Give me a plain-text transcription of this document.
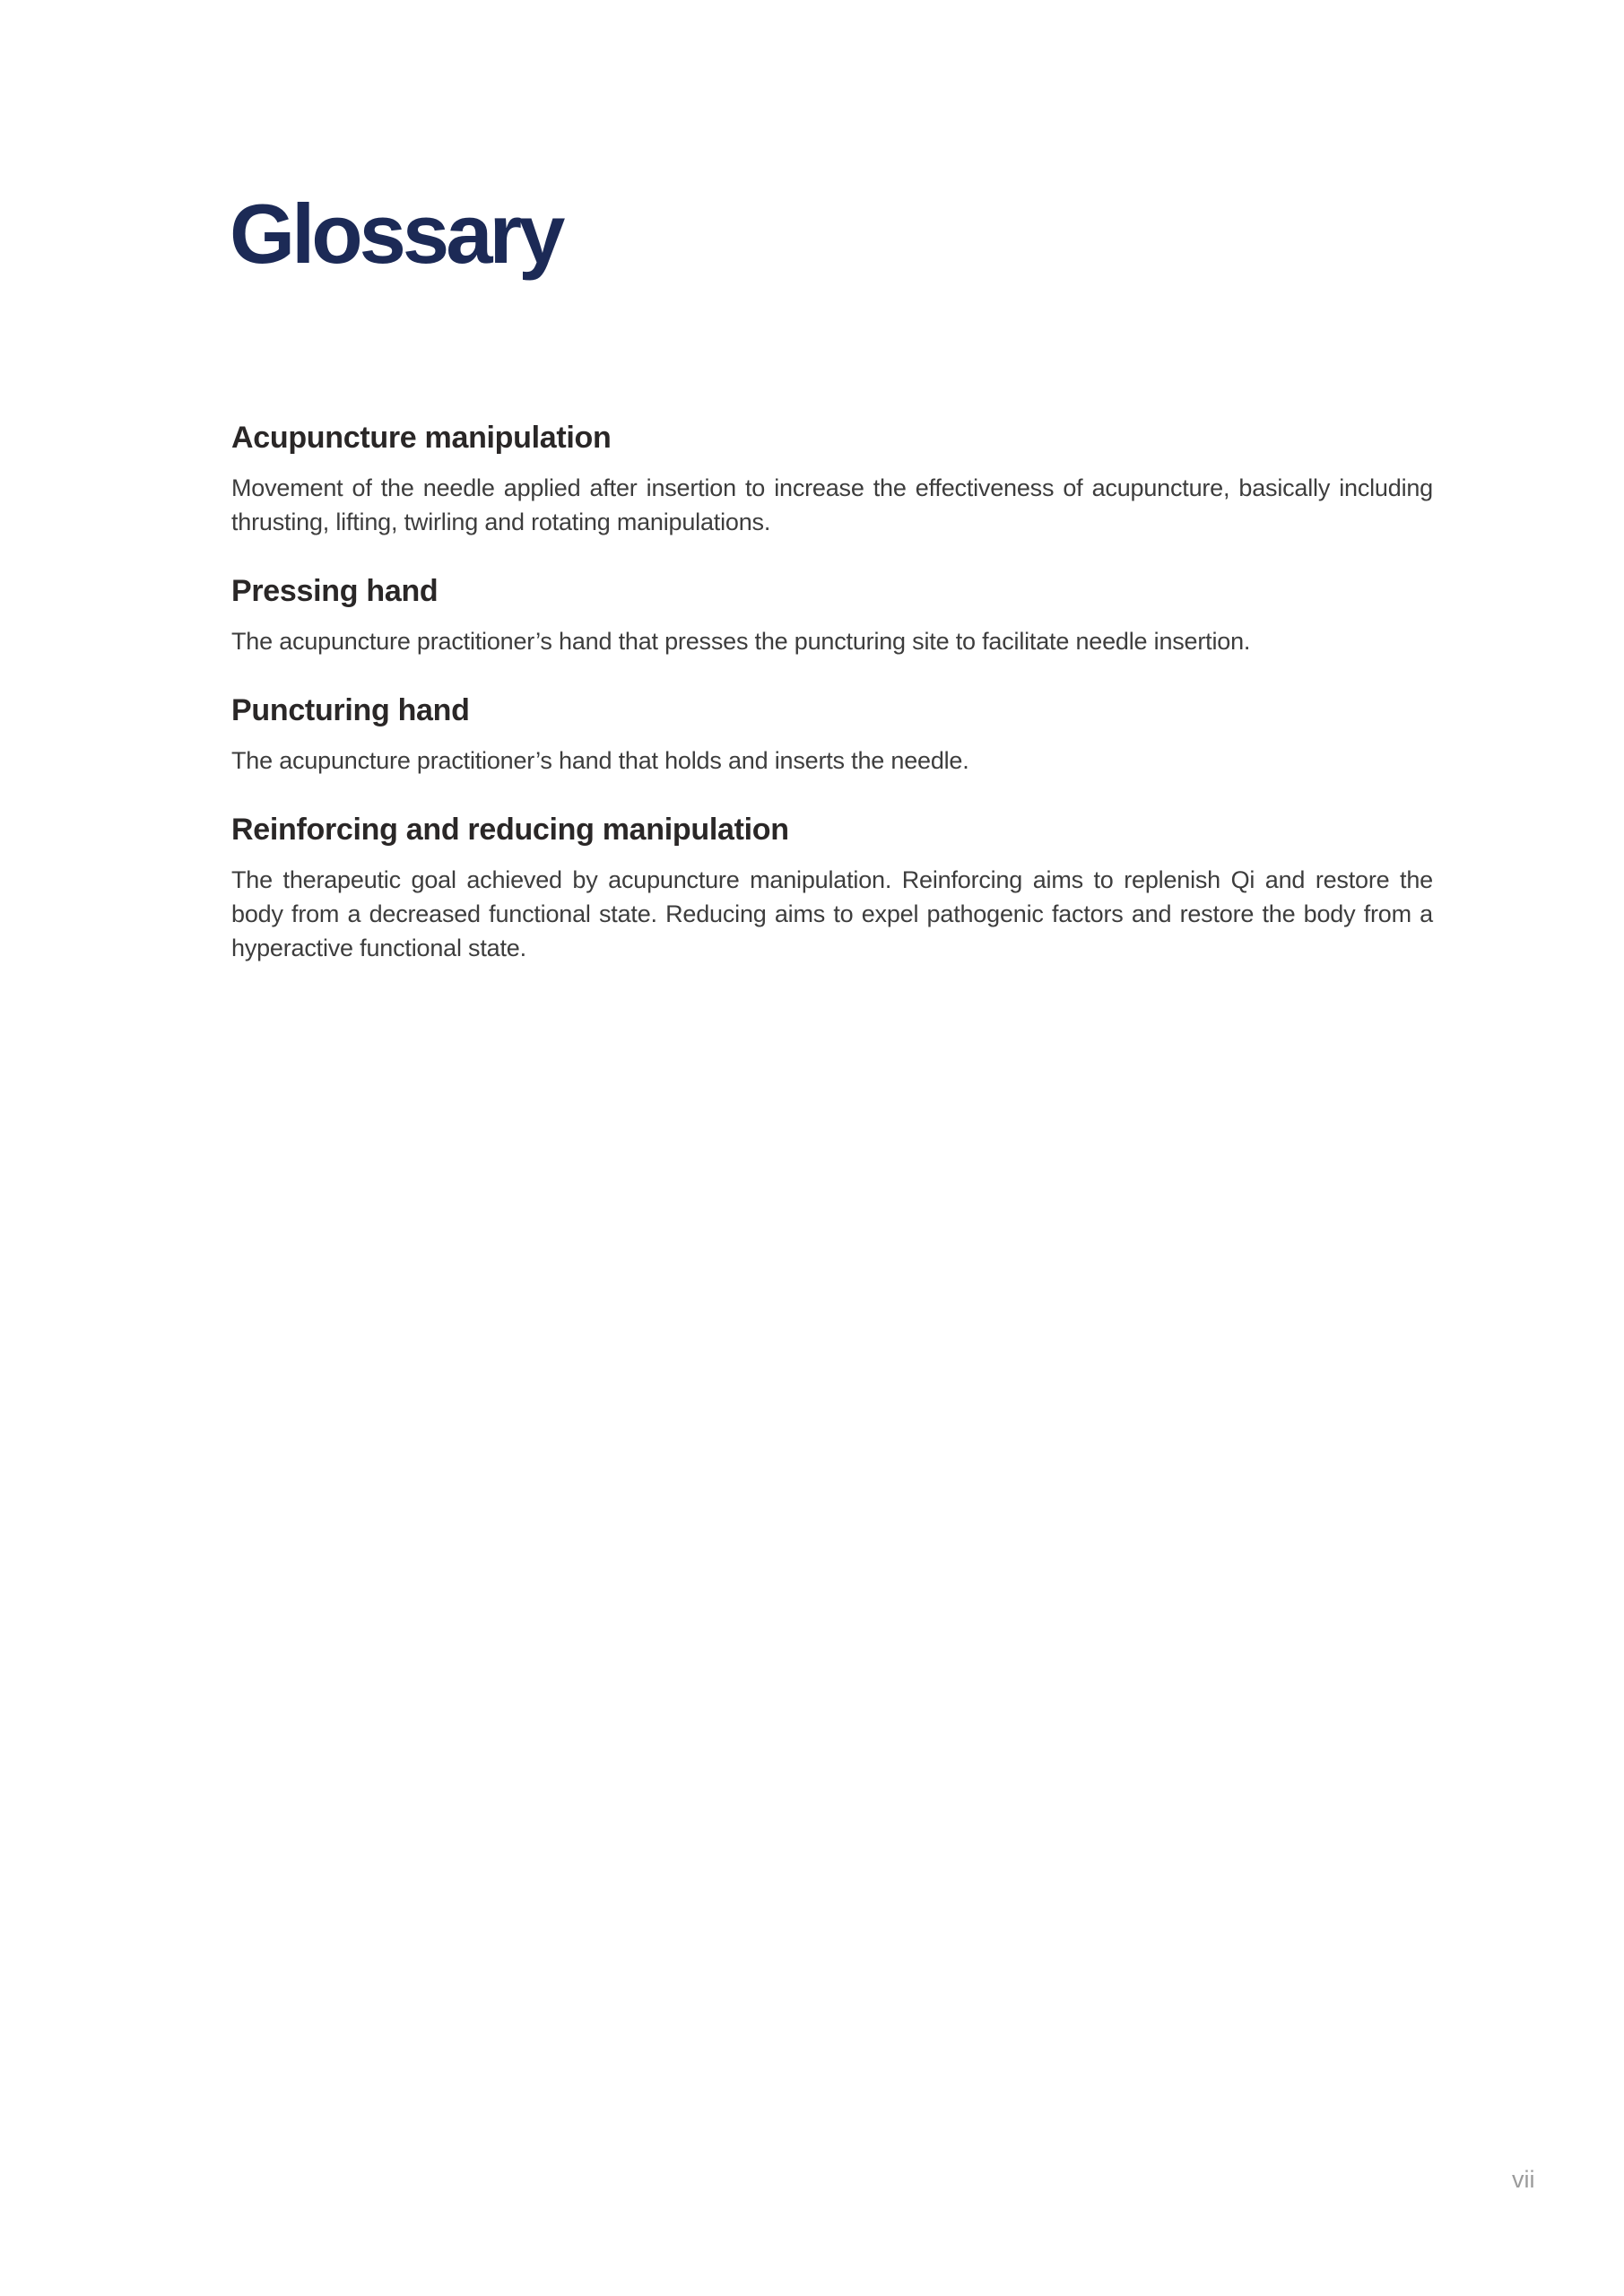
Glossary
Acupuncture manipulation

Movement of the needle applied after insertion to increase the effectiveness of acupuncture, basically including thrusting, lifting, twirling and rotating manipulations.

Pressing hand

The acupuncture practitioner’s hand that presses the puncturing site to facilitate needle insertion.

Puncturing hand

The acupuncture practitioner’s hand that holds and inserts the needle.

Reinforcing and reducing manipulation

The therapeutic goal achieved by acupuncture manipulation. Reinforcing aims to replenish Qi and restore the body from a decreased functional state. Reducing aims to expel pathogenic factors and restore the body from a hyperactive functional state.

vii
